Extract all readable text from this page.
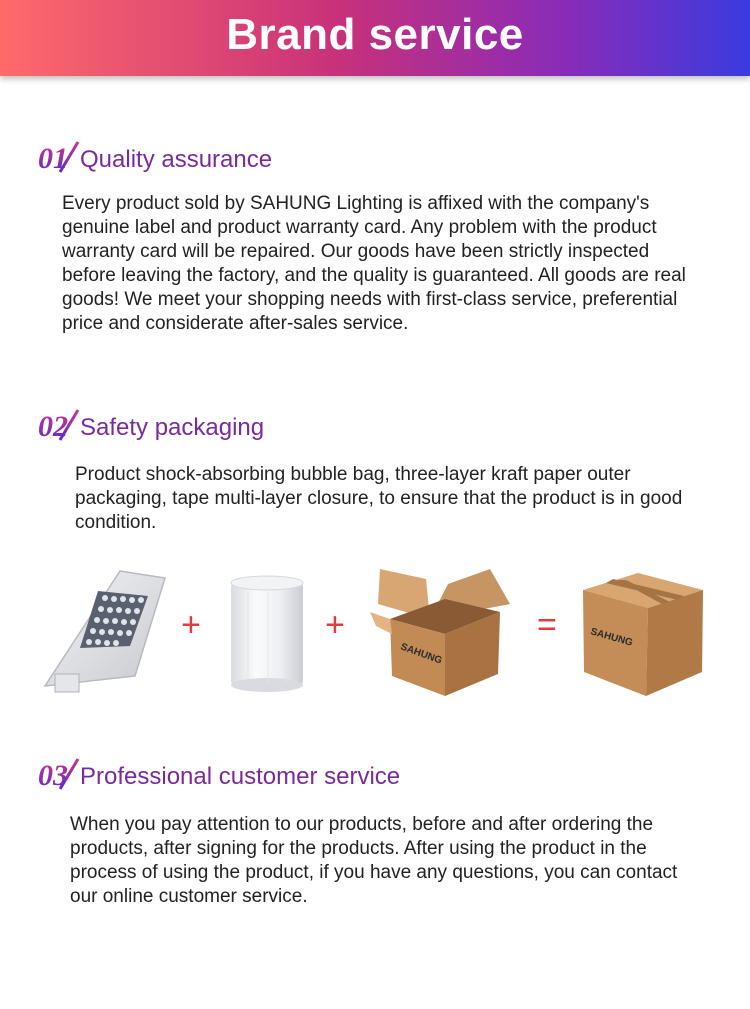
Brand service
01 Quality assurance

Every product sold by SAHUNG Lighting is affixed with the company's genuine label and product warranty card. Any problem with the product warranty card will be repaired. Our goods have been strictly inspected before leaving the factory, and the quality is guaranteed. All goods are real goods! We meet your shopping needs with first-class service, preferential price and considerate after-sales service.

02 Safety packaging

Product shock-absorbing bubble bag, three-layer kraft paper outer packaging, tape multi-layer closure, to ensure that the product is in good condition.

+	+
SAHUNG
=	SAHUNG
03 Professional customer service

When you pay attention to our products, before and after ordering the products, after signing for the products. After using the product in the process of using the product, if you have any questions, you can contact our online customer service.
